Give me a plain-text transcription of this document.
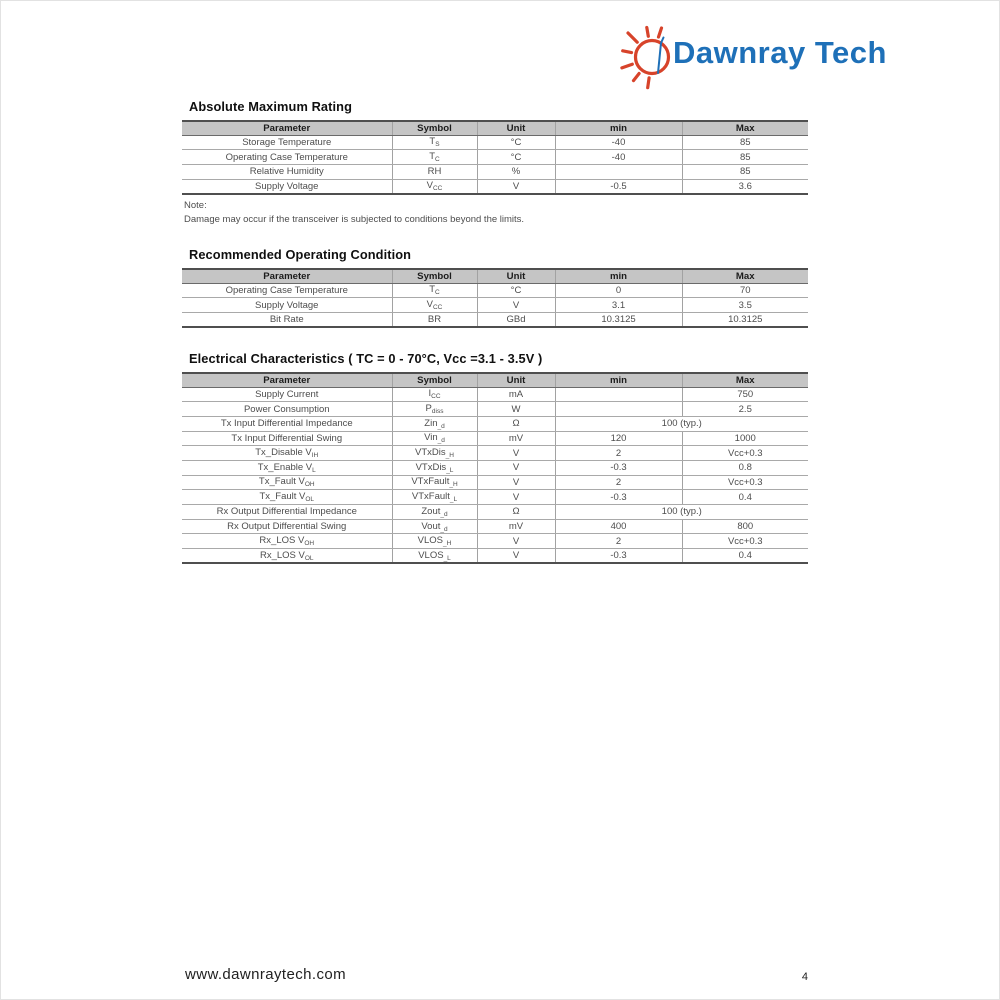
Dawnray Tech
Absolute Maximum Rating
Parameter	Symbol	Unit	min	Max
Storage Temperature	$T_S$	°C	-40	85
Operating Case Temperature	$T_C$	°C	-40	85
Relative Humidity	RH	%		85
Supply Voltage	$V_{CC}$	V	-0.5	3.6

Note:

Damage may occur if the transceiver is subjected to conditions beyond the limits.

Recommended Operating Condition
Parameter	Symbol	Unit	min	Max
Operating Case Temperature	$T_C$	°C	0	70
Supply Voltage	$V_{CC}$	V	3.1	3.5
Bit Rate	BR	GBd	10.3125	10.3125
Electrical Characteristics ( TC = 0 - 70°C, Vcc =3.1 - 3.5V )
Parameter	Symbol	Unit	min	Max
Supply Current	$I_{CC}$	mA		750
Power Consumption	$P_{diss}$	W		2.5
Tx Input Differential Impedance	Zin$_{\_d}$	Ω	100 (typ.)	
Tx Input Differential Swing	Vin$_{\_d}$	mV	120	1000
Tx_Disable $V_{IH}$	VTxDis$_{\_H}$	V	2	Vcc+0.3
Tx_Enable $V_L$	VTxDis$_{\_L}$	V	-0.3	0.8
Tx_Fault $V_{OH}$	VTxFault$_{\_H}$	V	2	Vcc+0.3
Tx_Fault $V_{OL}$	VTxFault$_{\_L}$	V	-0.3	0.4
Rx Output Differential Impedance	Zout$_{\_d}$	Ω	100 (typ.)	
Rx Output Differential Swing	Vout$_{\_d}$	mV	400	800
Rx_LOS $V_{OH}$	$VLOS_{\_H}$	V	2	Vcc+0.3
Rx_LOS $V_{OL}$	$VLOS_{\_L}$	V	-0.3	0.4
www.dawnraytech.com	4
